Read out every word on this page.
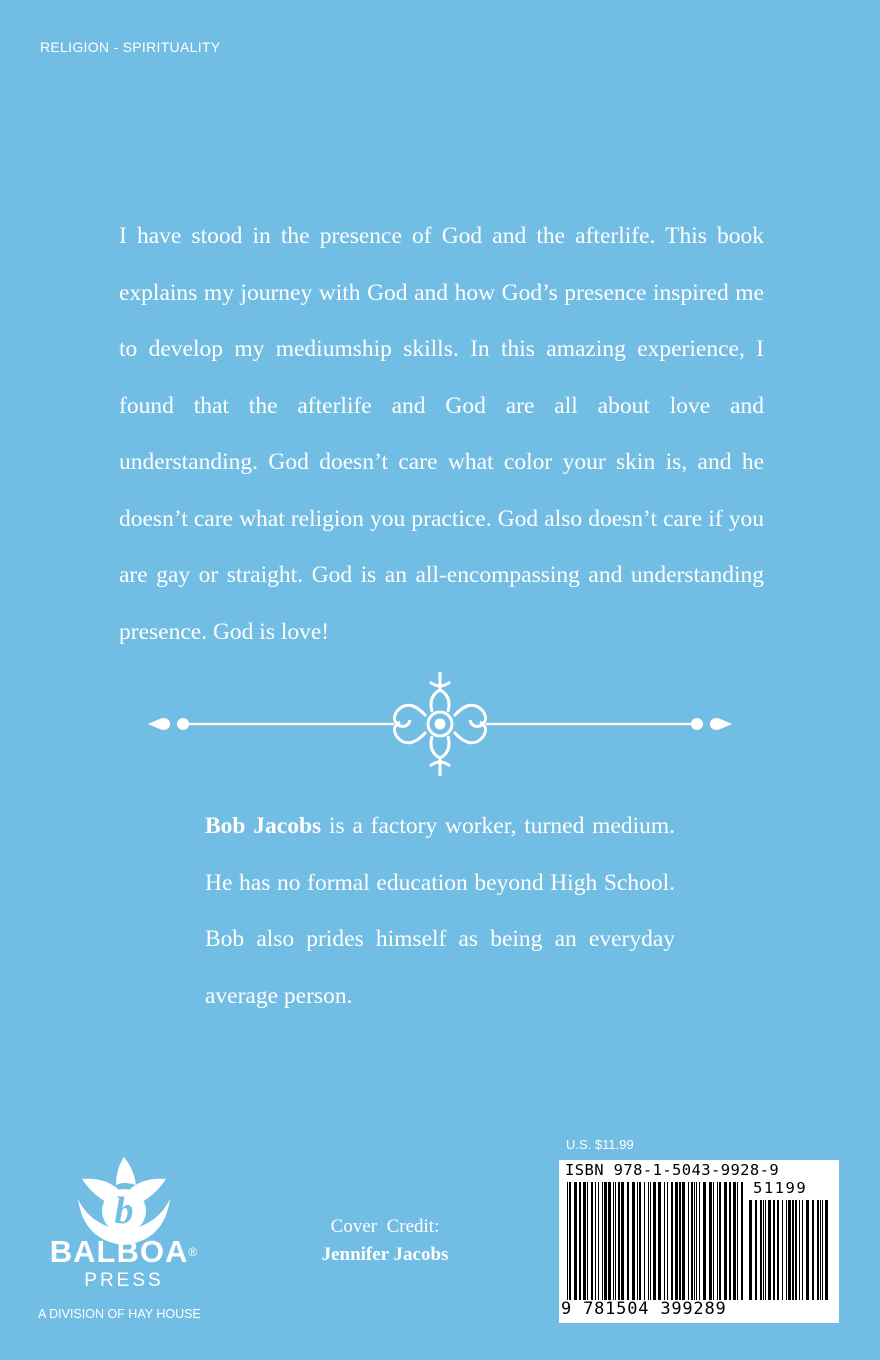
RELIGION - SPIRITUALITY

I have stood in the presence of God and the afterlife. This book explains my journey with God and how God’s presence inspired me to develop my mediumship skills. In this amazing experience, I found that the afterlife and God are all about love and understanding. God doesn’t care what color your skin is, and he doesn’t care what religion you practice. God also doesn’t care if you are gay or straight. God is an all-encompassing and understanding presence. God is love!

Bob Jacobs is a factory worker, turned medium. He has no formal education beyond High School. Bob also prides himself as being an everyday average person.
b
BALBOA®
PRESS
A DIVISION OF HAY HOUSE
Cover  Credit:
Jennifer Jacobs
U.S. $11.99
ISBN 978-1-5043-9928-9
51199
9 781504 399289
